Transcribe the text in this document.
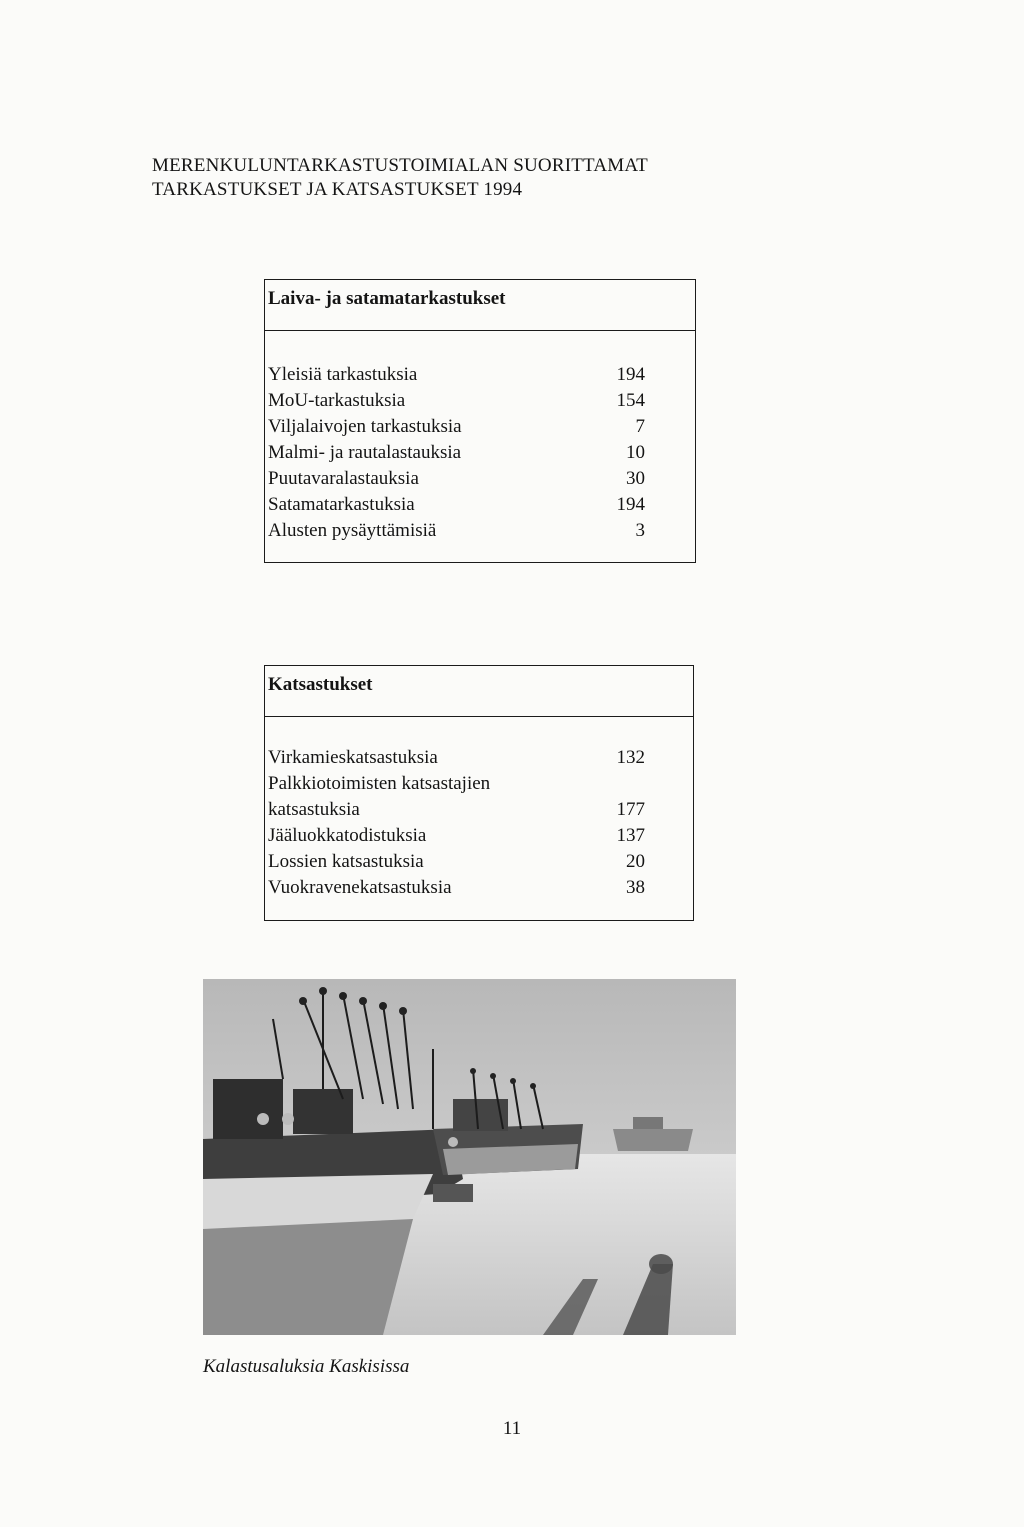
MERENKULUNTARKASTUSTOIMIALAN SUORITTAMAT
TARKASTUKSET JA KATSASTUKSET 1994
Laiva- ja satamatarkastukset
Yleisiä tarkastuksia	194
MoU-tarkastuksia	154
Viljalaivojen tarkastuksia	7
Malmi- ja rautalastauksia	10
Puutavaralastauksia	30
Satamatarkastuksia	194
Alusten pysäyttämisiä	3
Katsastukset
Virkamieskatsastuksia	132
Palkkiotoimisten katsastajien
katsastuksia	177
Jääluokkatodistuksia	137
Lossien katsastuksia	20
Vuokravenekatsastuksia	38
Kalastusaluksia Kaskisissa
11
